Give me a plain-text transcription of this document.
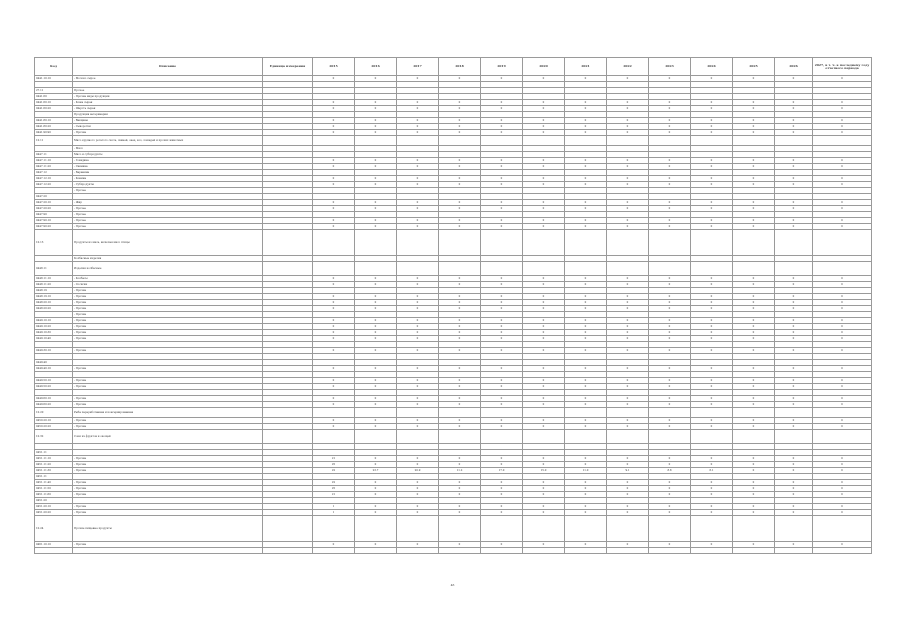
Код	Описание	Единица измерения	2015	2016	2017	2018	2019	2020	2021	2022	2023	2024	2025	2026	2027, в т. ч. к последнему году отчетного периода
0441.10.10	- Молоко сырое		0	0	0	0	0	0	0	0	0	0	0	0	0

27.11	Прочее														
0441.60	- Прочие виды продукции														
0441.60.10	- Кожа сырая		0	0	0	0	0	0	0	0	0	0	0	0	0
0441.60.20	- Шерсть сырая		0	0	0	0	0	0	0	0	0	0	0	0	0
	Продукция ветеринарии														
0441.80.10	- Вакцины		0	0	0	0	0	0	0	0	0	0	0	0	0
0441.80.20	- Сыворотки		0	0	0	0	0	0	0	0	0	0	0	0	0
0441.90.90	- Прочие		0	0	0	0	0	0	0	0	0	0	0	0	0
10.11	Мясо крупного рогатого скота, свиней, овец, коз, лошадей и прочих животных														
	- Мясо														
0447.11	Мясо и субпродукты														
0447.11.10	- Говядина		0	0	0	0	0	0	0	0	0	0	0	0	0
0447.11.20	- Свинина		0	0	0	0	0	0	0	0	0	0	0	0	0
0447.12	- Баранина														
0447.12.10	- Конина		0	0	0	0	0	0	0	0	0	0	0	0	0
0447.12.20	- Субпродукты		0	0	0	0	0	0	0	0	0	0	0	0	0
	- Прочее														
0447.20															
0447.20.10	- Жир		0	0	0	0	0	0	0	0	0	0	0	0	0
0447.20.20	- Прочее		0	0	0	0	0	0	0	0	0	0	0	0	0
0447.90	- Прочее														
0447.90.10	- Прочее		0	0	0	0	0	0	0	0	0	0	0	0	0
0447.90.20	- Прочее		0	0	0	0	0	0	0	0	0	0	0	0	0
10.13	Продукты из мяса, включая мясо птицы														
	Колбасные изделия														
0448.11	Изделия колбасные														
0448.11.10	- Колбасы		0	0	0	0	0	0	0	0	0	0	0	0	0
0448.11.20	- Сосиски		0	0	0	0	0	0	0	0	0	0	0	0	0
0448.19	- Прочие														
0448.19.10	- Прочие		0	0	0	0	0	0	0	0	0	0	0	0	0
0448.20.10	- Прочие		0	0	0	0	0	0	0	0	0	0	0	0	0
0448.20.20	- Прочие		0	0	0	0	0	0	0	0	0	0	0	0	0
	- Прочие														
0449.10.10	- Прочие		0	0	0	0	0	0	0	0	0	0	0	0	0
0449.10.20	- Прочие		0	0	0	0	0	0	0	0	0	0	0	0	0
0449.10.30	- Прочие		0	0	0	0	0	0	0	0	0	0	0	0	0
0449.10.40	- Прочие		0	0	0	0	0	0	0	0	0	0	0	0	0

0449.30.10	- Прочие		0	0	0	0	0	0	0	0	0	0	0	0	0

0449.40															
0449.40.10	- Прочие		0	0	0	0	0	0	0	0	0	0	0	0	0

0449.50.10	- Прочие		0	0	0	0	0	0	0	0	0	0	0	0	0
0449.50.20	- Прочие		0	0	0	0	0	0	0	0	0	0	0	0	0

0449.60.10	- Прочие		0	0	0	0	0	0	0	0	0	0	0	0	0
0449.60.20	- Прочие		0	0	0	0	0	0	0	0	0	0	0	0	0
10.20	Рыба переработанная и консервированная														
0450.20.10	- Прочие		0	0	0	0	0	0	0	0	0	0	0	0	0
0450.20.20	- Прочие		0	0	0	0	0	0	0	0	0	0	0	0	0
10.32	Соки из фруктов и овощей														

0451.11															
0451.11.10	- Прочие		21	0	0	0	0	0	0	0	0	0	0	0	0
0451.11.20	- Прочие		25	0	0	0	0	0	0	0	0	0	0	0	0
0451.11.30	- Прочие		22	23.7	20.9	11.2	17.0	15.0	11.0	9.1	8.8	6.1	0	0	0
0451.11															
0451.11.40	- Прочие		22	0	0	0	0	0	0	0	0	0	0	0	0
0451.11.50	- Прочие		25	0	0	0	0	0	0	0	0	0	0	0	0
0451.11.60	- Прочие		21	0	0	0	0	0	0	0	0	0	0	0	0
0451.20															
0451.20.10	- Прочие		1	0	0	0	0	0	0	0	0	0	0	0	0
0451.20.20	- Прочие		1	0	0	0	0	0	0	0	0	0	0	0	0
10.24	Прочие пищевые продукты														
0461.10.10	- Прочие		0	0	0	0	0	0	0	0	0	0	0	0	0

46
